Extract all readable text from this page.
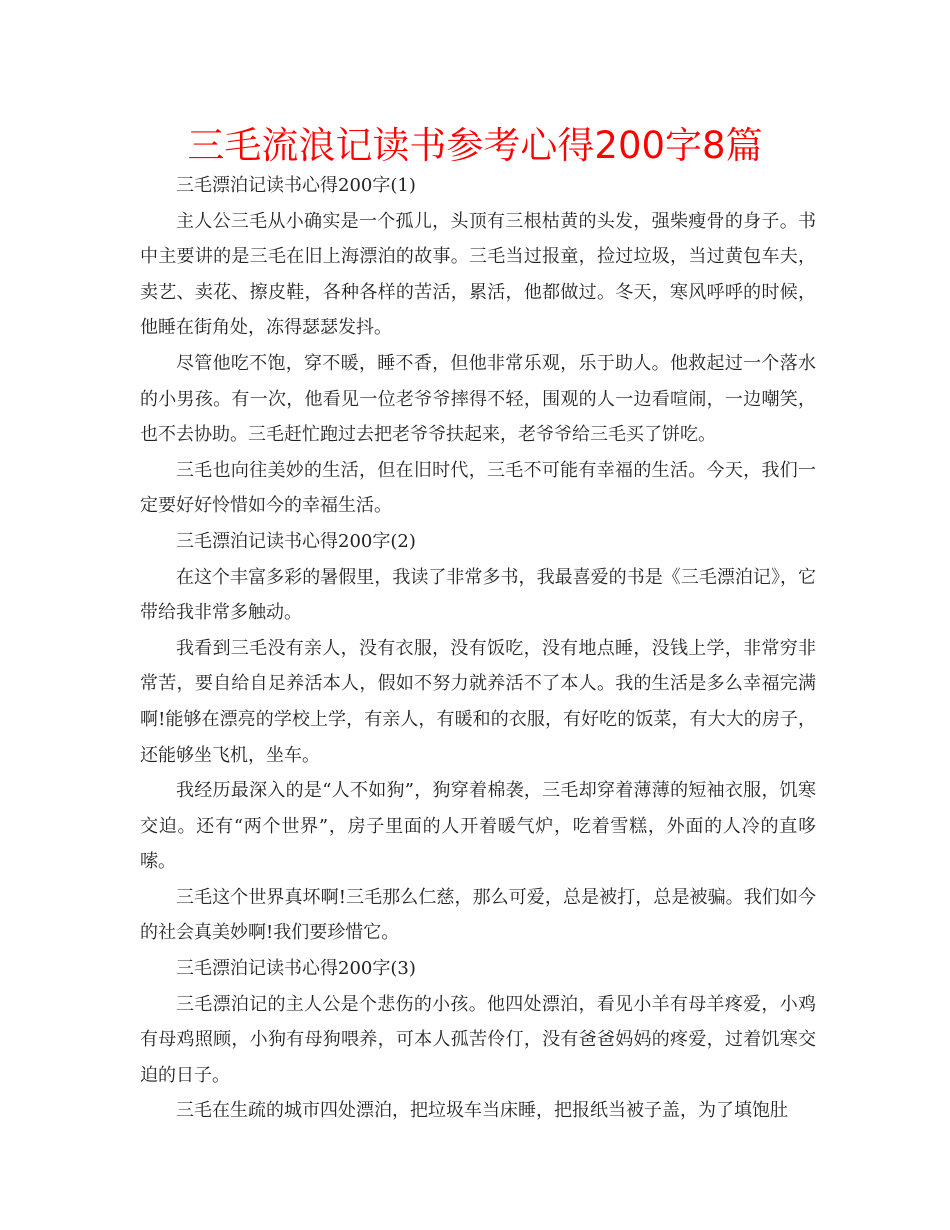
三毛流浪记读书参考心得200字8篇

三毛漂泊记读书心得200字(1)

主人公三毛从小确实是一个孤儿，头顶有三根枯黄的头发，强柴瘦骨的身子。书中主要讲的是三毛在旧上海漂泊的故事。三毛当过报童，捡过垃圾，当过黄包车夫，卖艺、卖花、擦皮鞋，各种各样的苦活，累活，他都做过。冬天，寒风呼呼的时候，他睡在街角处，冻得瑟瑟发抖。

尽管他吃不饱，穿不暖，睡不香，但他非常乐观，乐于助人。他救起过一个落水的小男孩。有一次，他看见一位老爷爷摔得不轻，围观的人一边看喧闹，一边嘲笑，也不去协助。三毛赶忙跑过去把老爷爷扶起来，老爷爷给三毛买了饼吃。

三毛也向往美妙的生活，但在旧时代，三毛不可能有幸福的生活。今天，我们一定要好好怜惜如今的幸福生活。

三毛漂泊记读书心得200字(2)

在这个丰富多彩的暑假里，我读了非常多书，我最喜爱的书是《三毛漂泊记》，它带给我非常多触动。

我看到三毛没有亲人，没有衣服，没有饭吃，没有地点睡，没钱上学，非常穷非常苦，要自给自足养活本人，假如不努力就养活不了本人。我的生活是多么幸福完满啊!能够在漂亮的学校上学，有亲人，有暖和的衣服，有好吃的饭菜，有大大的房子，还能够坐飞机，坐车。

我经历最深入的是“人不如狗”，狗穿着棉袭，三毛却穿着薄薄的短袖衣服，饥寒交迫。还有“两个世界”，房子里面的人开着暖气炉，吃着雪糕，外面的人冷的直哆嗦。

三毛这个世界真坏啊!三毛那么仁慈，那么可爱，总是被打，总是被骗。我们如今的社会真美妙啊!我们要珍惜它。

三毛漂泊记读书心得200字(3)

三毛漂泊记的主人公是个悲伤的小孩。他四处漂泊，看见小羊有母羊疼爱，小鸡有母鸡照顾，小狗有母狗喂养，可本人孤苦伶仃，没有爸爸妈妈的疼爱，过着饥寒交迫的日子。

三毛在生疏的城市四处漂泊，把垃圾车当床睡，把报纸当被子盖，为了填饱肚
